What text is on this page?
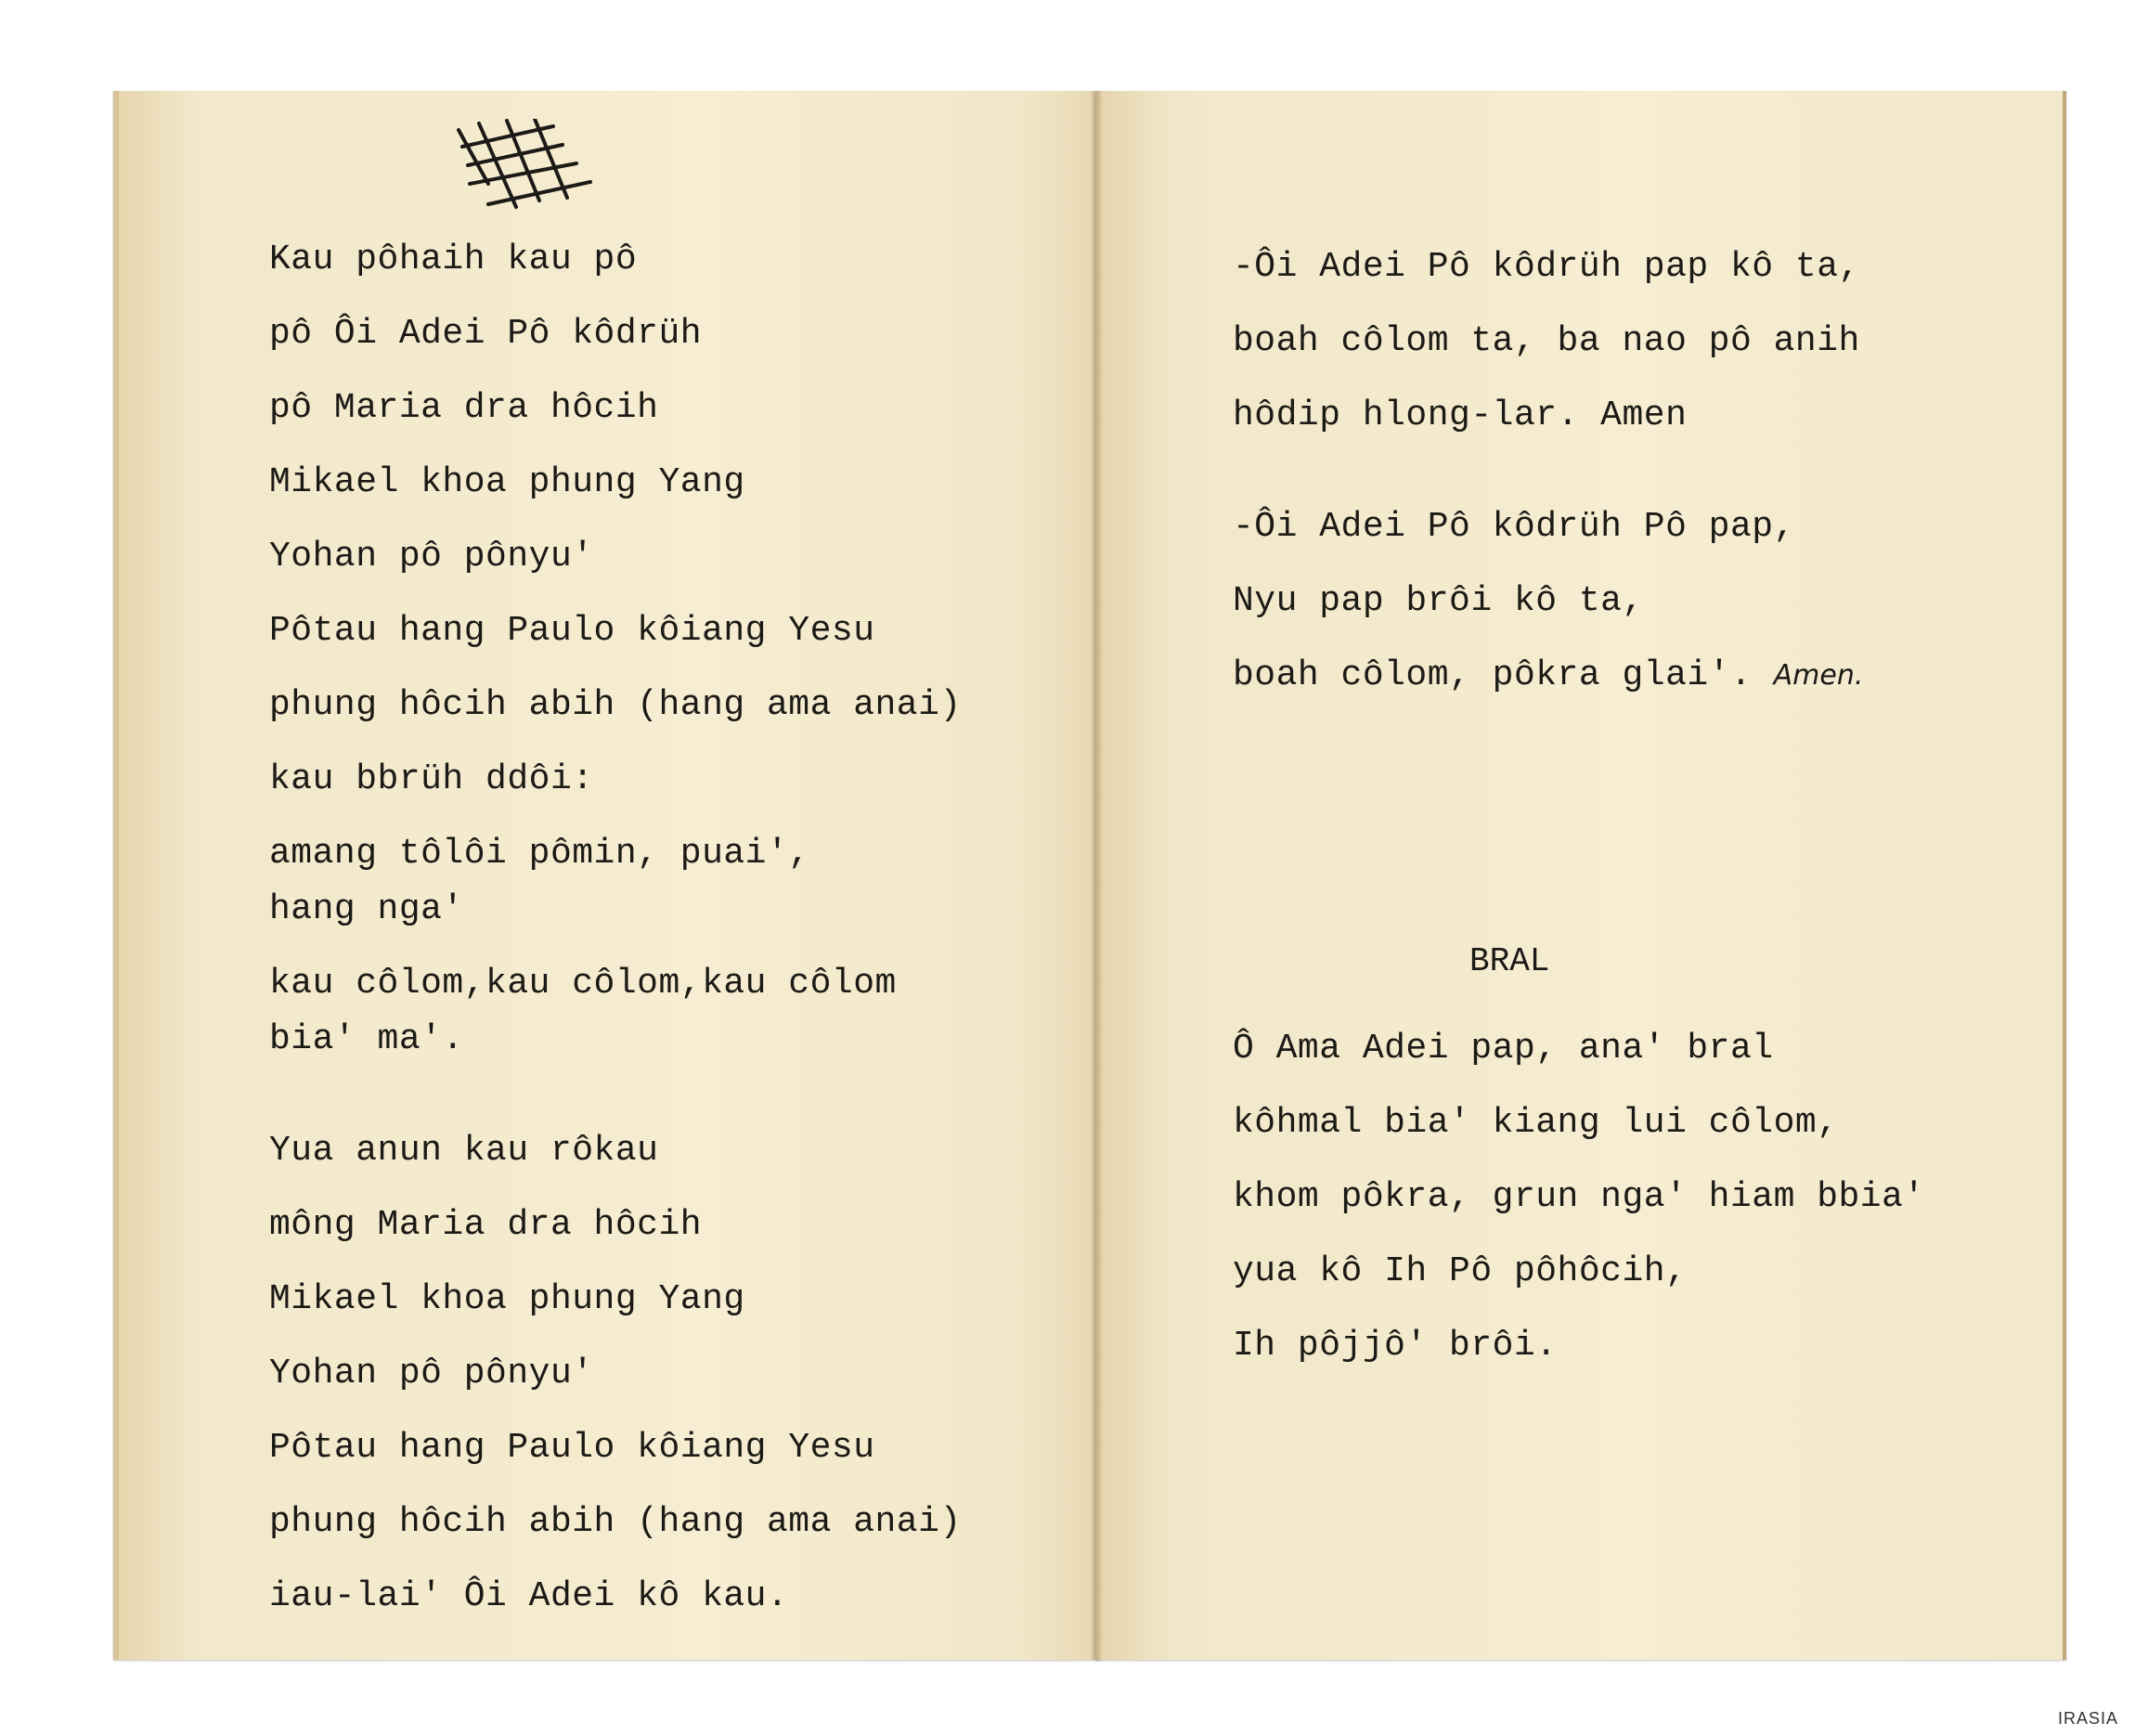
Kau pôhaih kau pô
pô Ôi Adei Pô kôdrüh
pô Maria dra hôcih
Mikael khoa phung Yang
Yohan pô pônyu'
Pôtau hang Paulo kôiang Yesu
phung hôcih abih (hang ama anai)
kau bbrüh ddôi:
amang tôlôi pômin, puai',
hang nga'
kau côlom,kau côlom,kau côlom
bia' ma'.
Yua anun kau rôkau
mông Maria dra hôcih
Mikael khoa phung Yang
Yohan pô pônyu'
Pôtau hang Paulo kôiang Yesu
phung hôcih abih (hang ama anai)
iau-lai' Ôi Adei kô kau.
-Ôi Adei Pô kôdrüh pap kô ta,
boah côlom ta, ba nao pô anih
hôdip hlong-lar. Amen
-Ôi Adei Pô kôdrüh Pô pap,
Nyu pap brôi kô ta,
boah côlom, pôkra glai'. Amen.
Ô Ama Adei pap, ana' bral
kôhmal bia' kiang lui côlom,
khom pôkra, grun nga' hiam bbia'
yua kô Ih Pô pôhôcih,
Ih pôjjô' brôi.
BRAL
IRASIA
